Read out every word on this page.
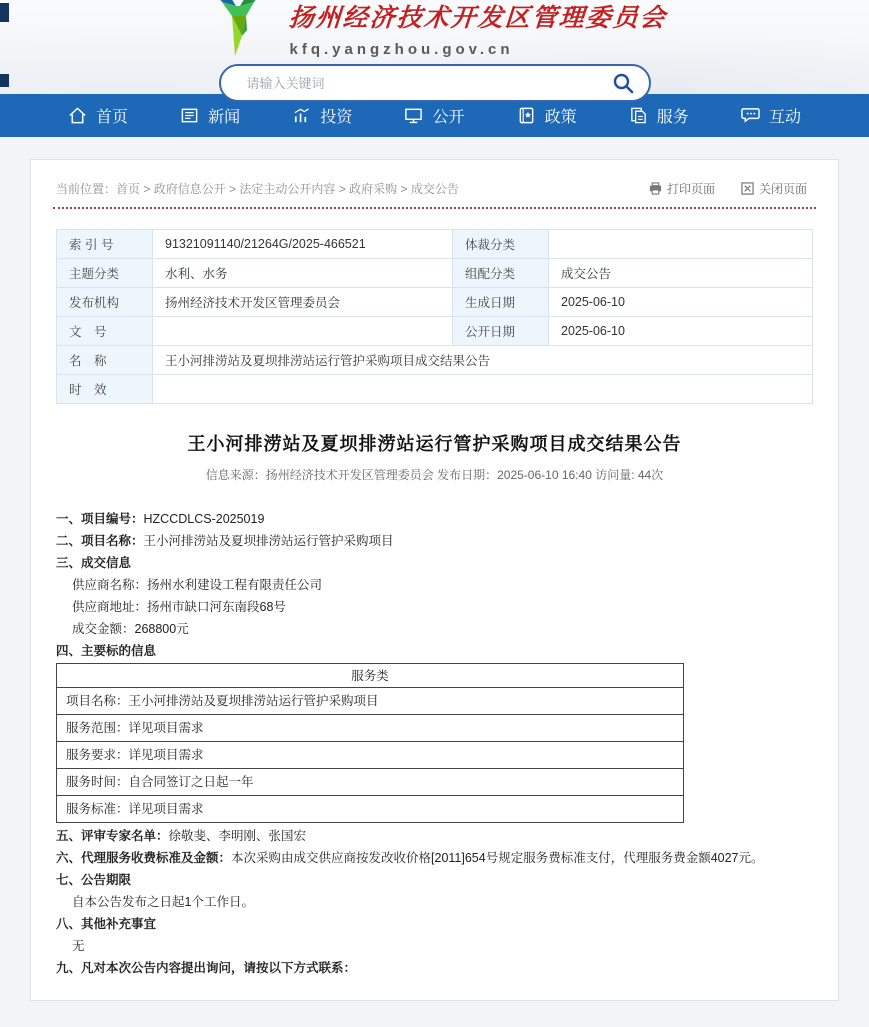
扬州经济技术开发区管理委员会
kfq.yangzhou.gov.cn
请输入关键词
首页	新闻	投资	公开	政策	服务	互动
当前位置：首页 > 政府信息公开 > 法定主动公开内容 > 政府采购 > 成交公告	打印页面	关闭页面
索 引 号	91321091140/21264G/2025-466521	体裁分类	
主题分类	水利、水务	组配分类	成交公告
发布机构	扬州经济技术开发区管理委员会	生成日期	2025-06-10
文　号		公开日期	2025-06-10
名　称	王小河排涝站及夏坝排涝站运行管护采购项目成交结果公告		
时　效			
王小河排涝站及夏坝排涝站运行管护采购项目成交结果公告
信息来源：扬州经济技术开发区管理委员会 发布日期：2025-06-10 16:40 访问量: 44次

一、项目编号：HZCCDLCS-2025019

二、项目名称：王小河排涝站及夏坝排涝站运行管护采购项目

三、成交信息

供应商名称：扬州水利建设工程有限责任公司

供应商地址：扬州市缺口河东南段68号

成交金额：268800元

四、主要标的信息

服务类
项目名称：王小河排涝站及夏坝排涝站运行管护采购项目
服务范围：详见项目需求
服务要求：详见项目需求
服务时间：自合同签订之日起一年
服务标准：详见项目需求

五、评审专家名单：徐敬斐、李明刚、张国宏

六、代理服务收费标准及金额：本次采购由成交供应商按发改收价格[2011]654号规定服务费标准支付，代理服务费金额4027元。

七、公告期限

自本公告发布之日起1个工作日。

八、其他补充事宜

无

九、凡对本次公告内容提出询问，请按以下方式联系：
